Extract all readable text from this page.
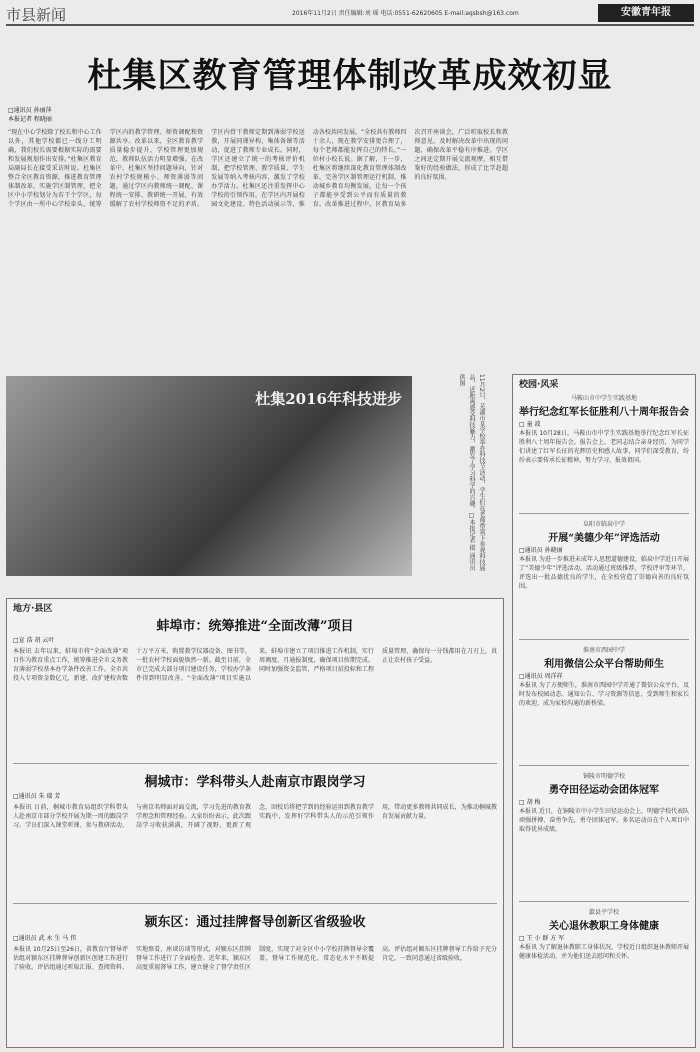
市县新闻	2016年11月2日 责任编辑:刘 瑶 电话:0551-62620605 E-mail:aqsbsh@163.com	安徽青年报
杜集区教育管理体制改革成效初显
□通讯员 孙丽萍
本报记者 程晓丽
“现在中心学校除了校长和中心工作以外，其他学校都已一线分工明确，我们校长需要根据实际的需要和发展规划作出安排。”杜集区教育局副局长在接受采访时说。杜集区整合全区教育资源，推进教育管理体制改革，实施学区制管理，把全区中小学校划分为若干个学区，每个学区由一所中心学校牵头，统筹学区内的教学管理、师资调配和资源共享。改革以来，全区教育教学质量稳步提升，学校管理更加规范，教师队伍活力明显增强。在改革中，杜集区坚持问题导向，针对农村学校规模小、师资薄弱等问题，通过学区内教师统一调配、课程统一安排、教研统一开展，有效缓解了农村学校师资不足的矛盾。学区内骨干教师定期到薄弱学校送教，开展同课异构、集体备课等活动，促进了教师专业成长。同时，学区还建立了统一的考核评价机制，把学校管理、教学质量、学生发展等纳入考核内容，激发了学校办学活力。杜集区还注重发挥中心学校的引领作用，在学区内开展校园文化建设、特色活动展示等，推动各校共同发展。“全校共有教师四十余人，现在教学安排更合理了，每个老师都能发挥自己的特长。”一位村小校长说。据了解，下一步，杜集区将继续深化教育管理体制改革，完善学区制管理运行机制，推动城乡教育均衡发展，让每一个孩子都能享受到公平而有质量的教育。改革推进过程中，区教育局多次召开座谈会，广泛听取校长和教师意见，及时解决改革中出现的问题，确保改革平稳有序推进。学区之间还定期开展交流观摩，相互借鉴好的经验做法，形成了比学赶超的良好氛围。
杜集2016年科技进步	11月2日，芜湖市某学校举办科技节活动，学生们在老师带领下参观科技展品，近距离感受科技魅力，激发了学习科学的兴趣。□本报记者 摄 通讯员 供图
地方·县区
蚌埠市：统筹推进“全面改薄”项目
□宣 浩 胡 云叶
本报讯 去年以来，蚌埠市将“全面改薄”项目作为教育重点工作，统筹推进全市义务教育薄弱学校基本办学条件改善工作。全市共投入专项资金数亿元，新建、改扩建校舍数十万平方米，购置教学仪器设备、图书等，一批农村学校面貌焕然一新。截至目前，全市已完成大部分项目建设任务，学校办学条件得到明显改善。“全面改薄”项目实施以来，蚌埠市建立了项目推进工作机制，实行周调度、月通报制度，确保项目按期完成。同时加强资金监管，严格项目招投标和工程质量管理，确保每一分钱都用在刀刃上，真正让农村孩子受益。
桐城市：学科带头人赴南京市跟岗学习
□通讯员 朱 瑞 芳
本报讯 日前，桐城市教育局组织学科带头人赴南京市部分学校开展为期一周的跟岗学习。学员们深入课堂听课、参与教研活动、与南京名师面对面交流，学习先进的教育教学理念和管理经验。大家纷纷表示，此次跟岗学习收获满满，开阔了视野，更新了观念，回校后将把学到的经验运用到教育教学实践中，发挥好学科带头人的示范引领作用，带动更多教师共同成长，为推动桐城教育发展贡献力量。
颍东区：通过挂牌督导创新区省级验收
□通讯员 武 永 生 马 伟
本报讯 10月25日至26日，省教育厅督导评估组对颍东区挂牌督导创新区创建工作进行了验收。评估组通过听取汇报、查阅资料、实地察看、座谈访谈等形式，对颍东区挂牌督导工作进行了全面检查。近年来，颍东区高度重视督导工作，建立健全了督学责任区制度，实现了对全区中小学校挂牌督导全覆盖，督导工作规范化、常态化水平不断提高。评估组对颍东区挂牌督导工作给予充分肯定，一致同意通过省级验收。
校园·风采
马鞍山市中学生实践基地
举行纪念红军长征胜利八十周年报告会
□ 童 波
本报讯 10月28日，马鞍山市中学生实践基地举行纪念红军长征胜利八十周年报告会。报告会上，老同志结合亲身经历，为同学们讲述了红军长征的光辉历史和感人故事，同学们深受教育，纷纷表示要传承长征精神，努力学习，报效祖国。
阜阳市临泉中学
开展“美德少年”评选活动
□通讯员 孙晓丽
本报讯 为进一步推进未成年人思想道德建设，临泉中学近日开展了“美德少年”评选活动。活动通过班级推荐、学校评审等环节，评选出一批品德优良的学生，在全校营造了崇德向善的良好氛围。
淮南市西园中学
利用微信公众平台帮助师生
□通讯员 周洋祥
本报讯 为了方便师生，淮南市西园中学开通了微信公众平台，及时发布校园动态、通知公告、学习资源等信息，受到师生和家长的欢迎，成为家校沟通的新桥梁。
铜陵市明德学校
勇夺田径运动会团体冠军
□ 胡 梅
本报讯 近日，在铜陵市中小学生田径运动会上，明德学校代表队顽强拼搏、奋勇争先，勇夺团体冠军，多名运动员在个人项目中取得优异成绩。
歙县平学校
关心退休教职工身体健康
□ 王 小 群 方 军
本报讯 为了解退休教职工身体状况，学校近日组织退休教师开展健康体检活动，并为他们送去慰问和关怀。
